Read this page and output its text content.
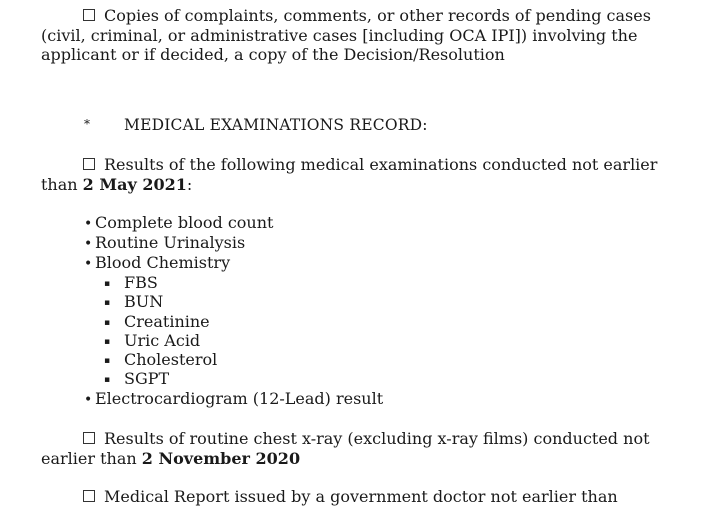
Copies of complaints, comments, or other records of pending cases
(civil, criminal, or administrative cases [including OCA IPI]) involving the
applicant or if decided, a copy of the Decision/Resolution
* MEDICAL EXAMINATIONS RECORD:
Results of the following medical examinations conducted not earlier
than 2 May 2021:
• Complete blood count
• Routine Urinalysis
• Blood Chemistry
▪ FBS
▪ BUN
▪ Creatinine
▪ Uric Acid
▪ Cholesterol
▪ SGPT
• Electrocardiogram (12-Lead) result
Results of routine chest x-ray (excluding x-ray films) conducted not
earlier than 2 November 2020
Medical Report issued by a government doctor not earlier than
